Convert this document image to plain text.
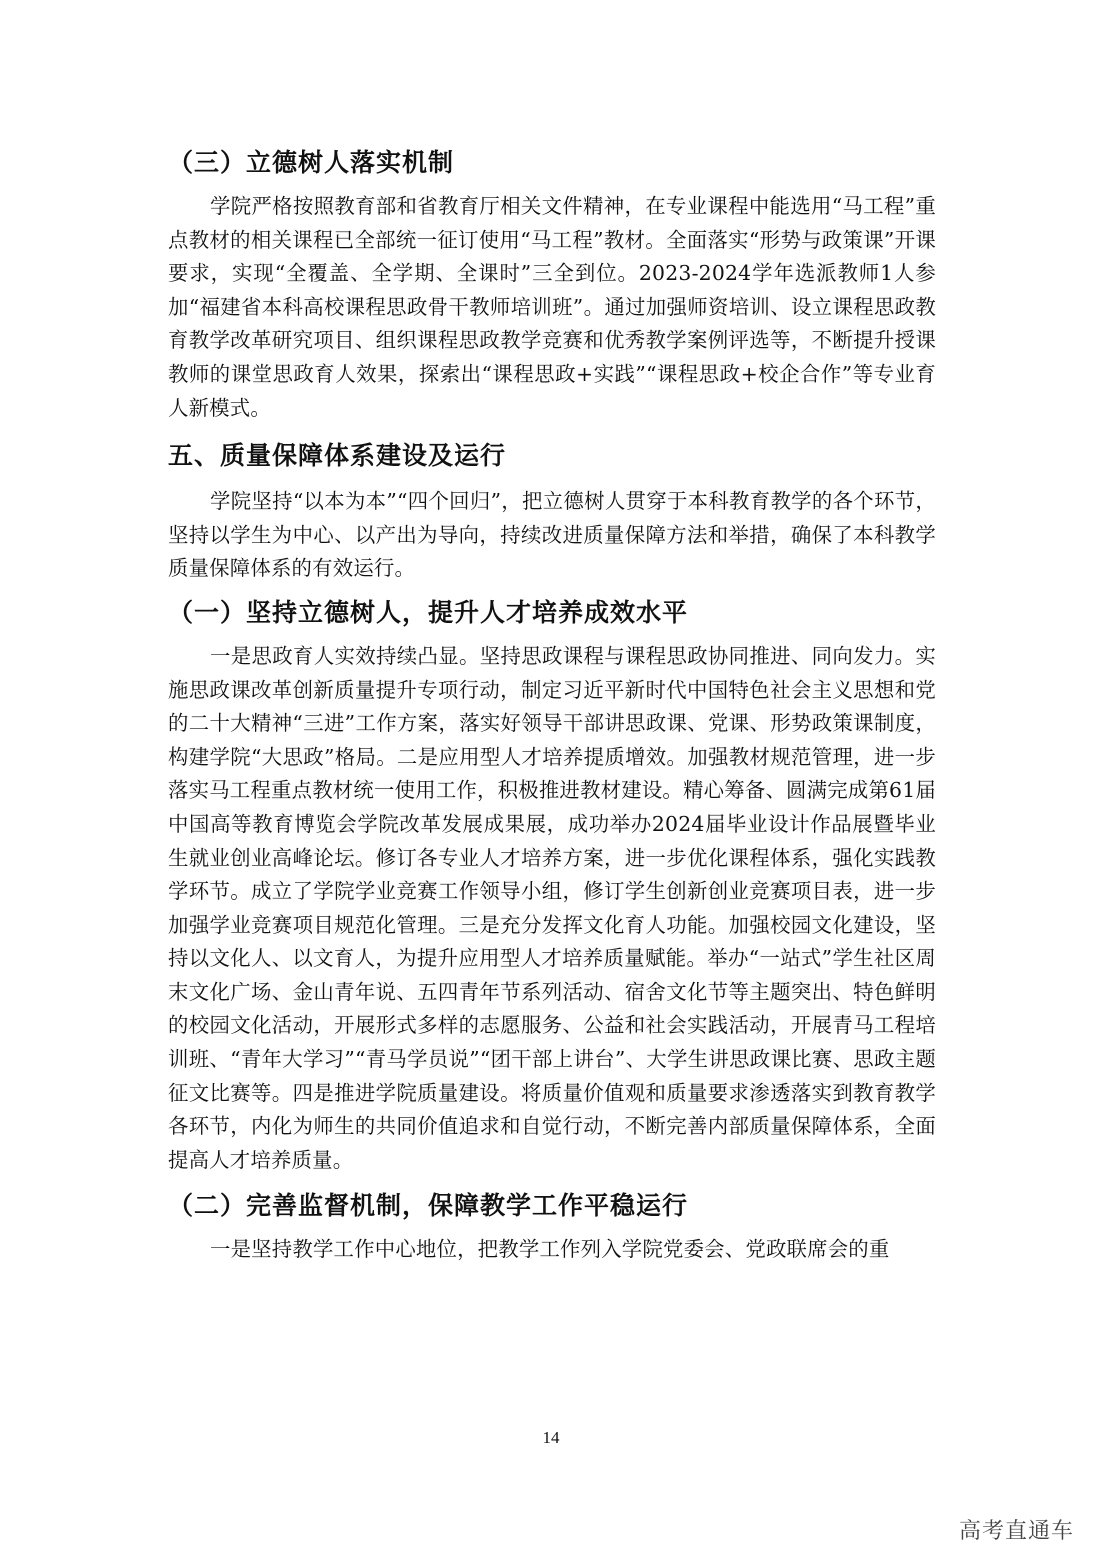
（三）立德树人落实机制

学院严格按照教育部和省教育厅相关文件精神，在专业课程中能选用“马工程”重点教材的相关课程已全部统一征订使用“马工程”教材。全面落实“形势与政策课”开课要求，实现“全覆盖、全学期、全课时”三全到位。2023-2024学年选派教师1人参加“福建省本科高校课程思政骨干教师培训班”。通过加强师资培训、设立课程思政教育教学改革研究项目、组织课程思政教学竞赛和优秀教学案例评选等，不断提升授课教师的课堂思政育人效果，探索出“课程思政+实践”“课程思政+校企合作”等专业育人新模式。

五、质量保障体系建设及运行

学院坚持“以本为本”“四个回归”，把立德树人贯穿于本科教育教学的各个环节，坚持以学生为中心、以产出为导向，持续改进质量保障方法和举措，确保了本科教学质量保障体系的有效运行。

（一）坚持立德树人，提升人才培养成效水平

一是思政育人实效持续凸显。坚持思政课程与课程思政协同推进、同向发力。实施思政课改革创新质量提升专项行动，制定习近平新时代中国特色社会主义思想和党的二十大精神“三进”工作方案，落实好领导干部讲思政课、党课、形势政策课制度，构建学院“大思政”格局。二是应用型人才培养提质增效。加强教材规范管理，进一步落实马工程重点教材统一使用工作，积极推进教材建设。精心筹备、圆满完成第61届中国高等教育博览会学院改革发展成果展，成功举办2024届毕业设计作品展暨毕业生就业创业高峰论坛。修订各专业人才培养方案，进一步优化课程体系，强化实践教学环节。成立了学院学业竞赛工作领导小组，修订学生创新创业竞赛项目表，进一步加强学业竞赛项目规范化管理。三是充分发挥文化育人功能。加强校园文化建设，坚持以文化人、以文育人，为提升应用型人才培养质量赋能。举办“一站式”学生社区周末文化广场、金山青年说、五四青年节系列活动、宿舍文化节等主题突出、特色鲜明的校园文化活动，开展形式多样的志愿服务、公益和社会实践活动，开展青马工程培训班、“青年大学习”“青马学员说”“团干部上讲台”、大学生讲思政课比赛、思政主题征文比赛等。四是推进学院质量建设。将质量价值观和质量要求渗透落实到教育教学各环节，内化为师生的共同价值追求和自觉行动，不断完善内部质量保障体系，全面提高人才培养质量。

（二）完善监督机制，保障教学工作平稳运行

一是坚持教学工作中心地位，把教学工作列入学院党委会、党政联席会的重

14
高考直通车
